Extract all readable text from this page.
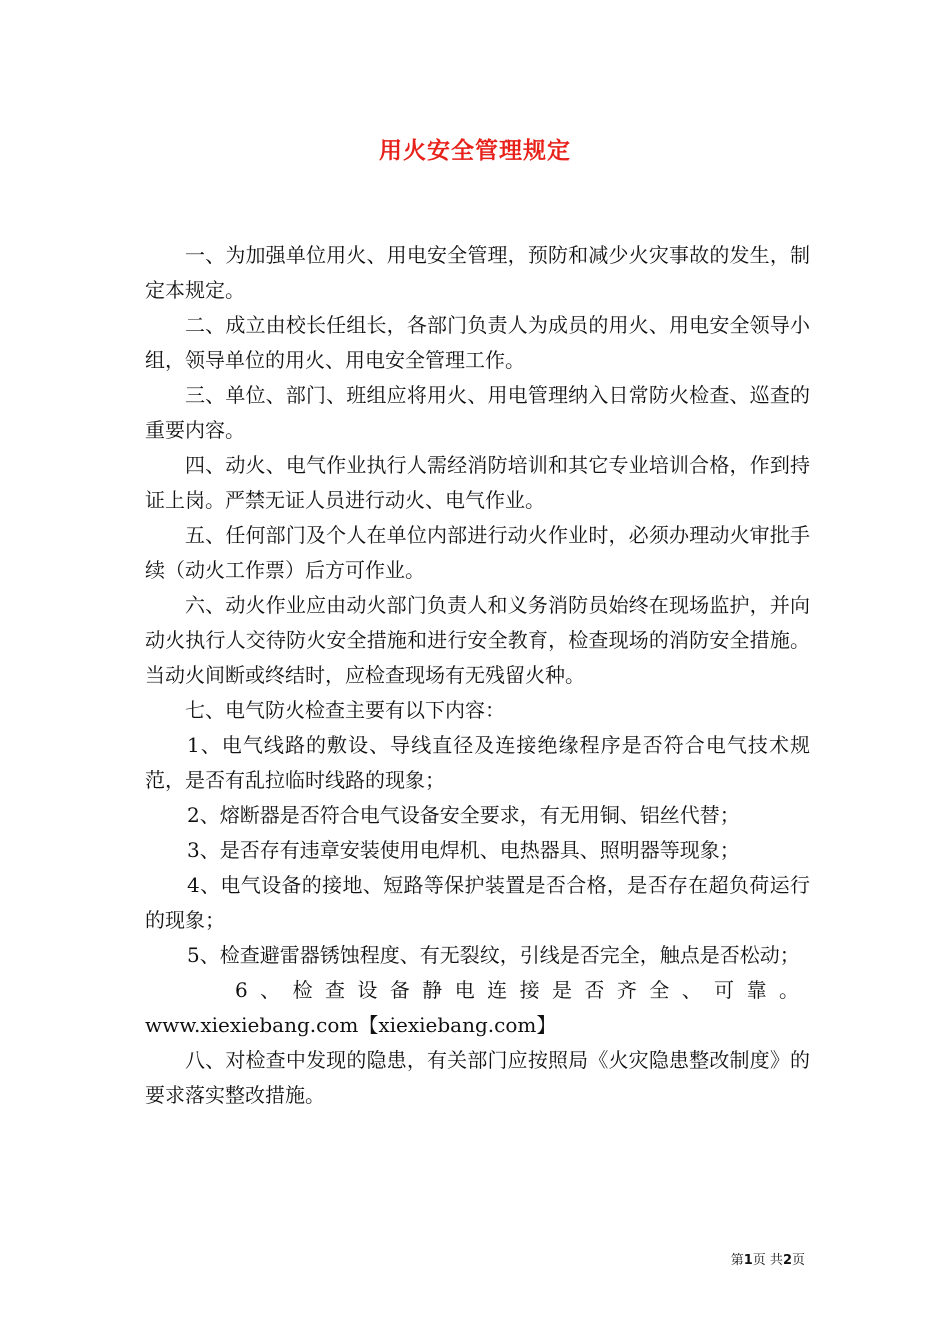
用火安全管理规定

一、为加强单位用火、用电安全管理，预防和减少火灾事故的发生，制定本规定。

二、成立由校长任组长，各部门负责人为成员的用火、用电安全领导小组，领导单位的用火、用电安全管理工作。

三、单位、部门、班组应将用火、用电管理纳入日常防火检查、巡查的重要内容。

四、动火、电气作业执行人需经消防培训和其它专业培训合格，作到持证上岗。严禁无证人员进行动火、电气作业。

五、任何部门及个人在单位内部进行动火作业时，必须办理动火审批手续（动火工作票）后方可作业。

六、动火作业应由动火部门负责人和义务消防员始终在现场监护，并向动火执行人交待防火安全措施和进行安全教育，检查现场的消防安全措施。当动火间断或终结时，应检查现场有无残留火种。

七、电气防火检查主要有以下内容：

1、电气线路的敷设、导线直径及连接绝缘程序是否符合电气技术规范，是否有乱拉临时线路的现象；

2、熔断器是否符合电气设备安全要求，有无用铜、铝丝代替；

3、是否存有违章安装使用电焊机、电热器具、照明器等现象；

4、电气设备的接地、短路等保护装置是否合格，是否存在超负荷运行的现象；

5、检查避雷器锈蚀程度、有无裂纹，引线是否完全，触点是否松动；

6、检查设备静电连接是否齐全、可靠。

www.xiexiebang.com【xiexiebang.com】

八、对检查中发现的隐患，有关部门应按照局《火灾隐患整改制度》的要求落实整改措施。

第1页 共2页
